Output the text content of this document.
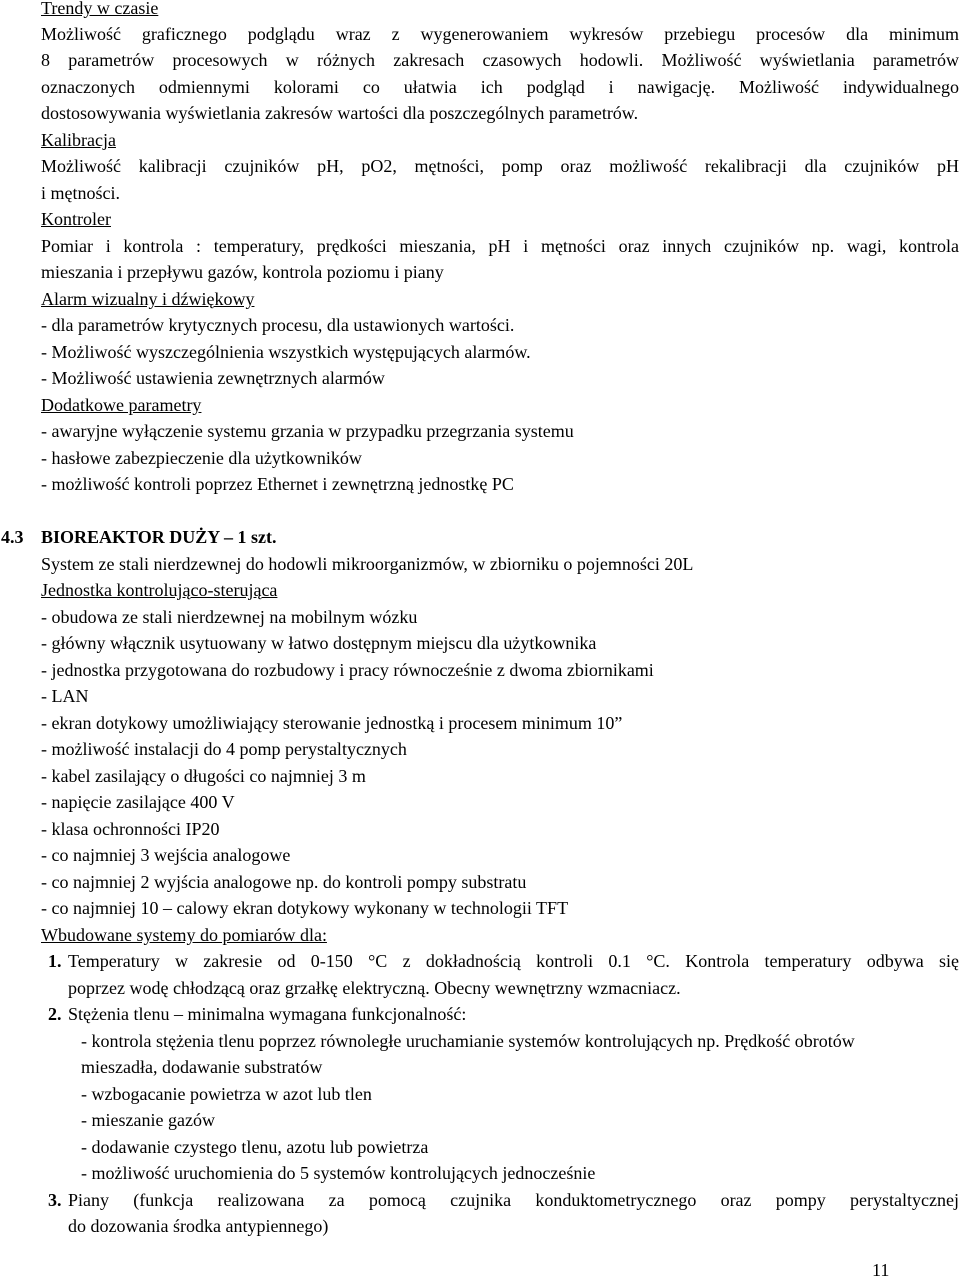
Trendy w czasie
Możliwość graficznego podglądu wraz z wygenerowaniem wykresów przebiegu procesów dla minimum
8 parametrów procesowych w różnych zakresach czasowych hodowli. Możliwość wyświetlania parametrów
oznaczonych odmiennymi kolorami co ułatwia ich podgląd i nawigację. Możliwość indywidualnego
dostosowywania wyświetlania zakresów wartości dla poszczególnych parametrów.
Kalibracja
Możliwość kalibracji czujników pH, pO2, mętności, pomp oraz możliwość rekalibracji dla czujników pH
i mętności.
Kontroler
Pomiar i kontrola : temperatury, prędkości mieszania, pH i mętności oraz innych czujników np. wagi, kontrola
mieszania i przepływu gazów, kontrola poziomu i piany
Alarm wizualny i dźwiękowy
- dla parametrów krytycznych procesu, dla ustawionych wartości.
- Możliwość wyszczególnienia wszystkich występujących alarmów.
- Możliwość ustawienia zewnętrznych alarmów
Dodatkowe parametry
- awaryjne wyłączenie systemu grzania w przypadku przegrzania systemu
- hasłowe zabezpieczenie dla użytkowników
- możliwość kontroli poprzez Ethernet i zewnętrzną jednostkę PC
4.3 BIOREAKTOR DUŻY – 1 szt.
System ze stali nierdzewnej do hodowli mikroorganizmów, w zbiorniku o pojemności 20L
Jednostka kontrolująco-sterująca
- obudowa ze stali nierdzewnej na mobilnym wózku
- główny włącznik usytuowany w łatwo dostępnym miejscu dla użytkownika
- jednostka przygotowana do rozbudowy i pracy równocześnie z dwoma zbiornikami
- LAN
- ekran dotykowy umożliwiający sterowanie jednostką i procesem minimum 10”
- możliwość instalacji do 4 pomp perystaltycznych
- kabel zasilający o długości co najmniej 3 m
- napięcie zasilające 400 V
- klasa ochronności IP20
- co najmniej 3 wejścia analogowe
- co najmniej 2 wyjścia analogowe np. do kontroli pompy substratu
- co najmniej 10 – calowy ekran dotykowy wykonany w technologii TFT
Wbudowane systemy do pomiarów dla:
1. Temperatury w zakresie od 0-150 °C z dokładnością kontroli 0.1 °C. Kontrola temperatury odbywa się
poprzez wodę chłodzącą oraz grzałkę elektryczną. Obecny wewnętrzny wzmacniacz.
2. Stężenia tlenu – minimalna wymagana funkcjonalność:
- kontrola stężenia tlenu poprzez równoległe uruchamianie systemów kontrolujących np. Prędkość obrotów
mieszadła, dodawanie substratów
- wzbogacanie powietrza w azot lub tlen
- mieszanie gazów
- dodawanie czystego tlenu, azotu lub powietrza
- możliwość uruchomienia do 5 systemów kontrolujących jednocześnie
3. Piany (funkcja realizowana za pomocą czujnika konduktometrycznego oraz pompy perystaltycznej
do dozowania środka antypiennego)
11
